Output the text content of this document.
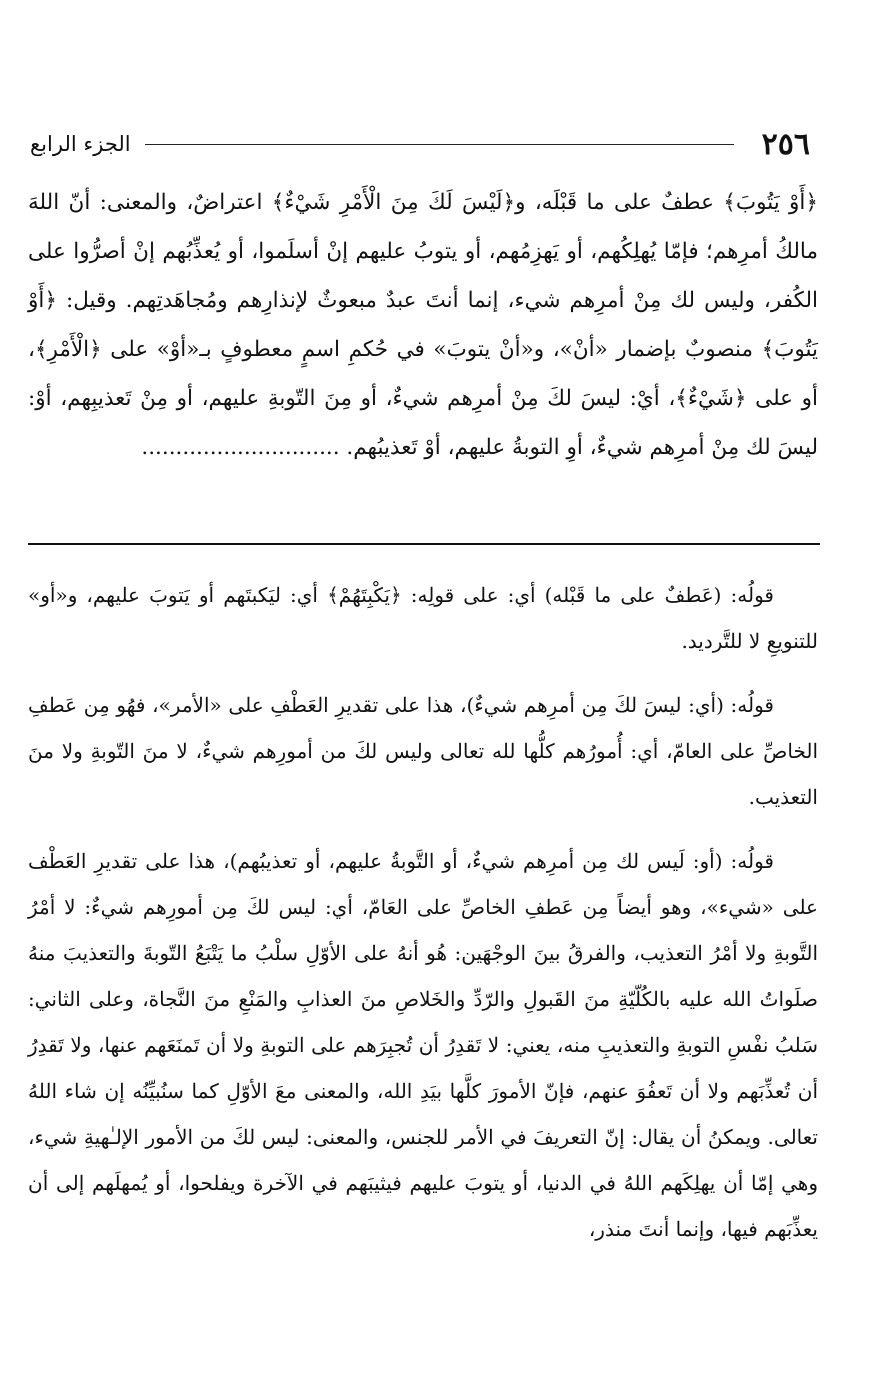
٢٥٦
الجزء الرابع

﴿أَوْ يَتُوبَ﴾ عطفٌ على ما قَبْلَه، و﴿لَيْسَ لَكَ مِنَ الْأَمْرِ شَيْءٌ﴾ اعتراضٌ، والمعنى: أنّ اللهَ مالكُ أمرِهم؛ فإمّا يُهلِكُهم، أو يَهزِمُهم، أو يتوبُ عليهم إنْ أسلَموا، أو يُعذِّبُهم إنْ أصرُّوا على الكُفر، وليس لك مِنْ أمرِهم شيء، إنما أنتَ عبدٌ مبعوثٌ لإنذارِهم ومُجاهَدتِهم. وقيل: ﴿أَوْ يَتُوبَ﴾ منصوبٌ بإضمار «أنْ»، و«أنْ يتوبَ» في حُكمِ اسمٍ معطوفٍ بـ«أوْ» على ﴿الْأَمْرِ﴾، أو على ﴿شَيْءٌ﴾، أيْ: ليسَ لكَ مِنْ أمرِهم شيءٌ، أو مِنَ التّوبةِ عليهم، أو مِنْ تَعذيبِهم، أوْ: ليسَ لك مِنْ أمرِهم شيءٌ، أوِ التوبةُ عليهم، أوْ تَعذيبُهم. .............................

قولُه: (عَطفٌ على ما قَبْله) أي: على قولِه: ﴿يَكْبِتَهُمْ﴾ أي: ليَكبتَهم أو يَتوبَ عليهم، و«أو» للتنويعِ لا للتَّرديد.

قولُه: (أي: ليسَ لكَ مِن أمرِهم شيءٌ)، هذا على تقديرِ العَطْفِ على «الأمر»، فهُو مِن عَطفِ الخاصِّ على العامّ، أي: أُمورُهم كلُّها لله تعالى وليس لكَ من أمورِهم شيءٌ، لا منَ التّوبةِ ولا منَ التعذيب.

قولُه: (أو: لَيس لك مِن أمرِهم شيءٌ، أو التَّوبةُ عليهم، أو تعذيبُهم)، هذا على تقديرِ العَطْف على «شيء»، وهو أيضاً مِن عَطفِ الخاصِّ على العَامّ، أي: ليس لكَ مِن أمورِهم شيءٌ: لا أمْرُ التَّوبةِ ولا أمْرُ التعذيب، والفرقُ بينَ الوجْهَين: هُو أنهُ على الأوّلِ سلْبُ ما يَتْبَعُ التّوبةَ والتعذيبَ منهُ صلَواتُ الله عليه بالكُلّيّةِ منَ القَبولِ والرّدِّ والخَلاصِ منَ العذابِ والمَنْعِ منَ النَّجاة، وعلى الثاني: سَلبُ نفْسِ التوبةِ والتعذيبِ منه، يعني: لا تَقدِرُ أن تُجبِرَهم على التوبةِ ولا أن تَمنَعَهم عنها، ولا تَقدِرُ أن تُعذِّبَهم ولا أن تَعفُوَ عنهم، فإنّ الأمورَ كلَّها بيَدِ الله، والمعنى معَ الأوّلِ كما سنُبيِّنُه إن شاء اللهُ تعالى. ويمكنُ أن يقال: إنّ التعريفَ في الأمر للجنس، والمعنى: ليس لكَ من الأمور الإلـٰهيةِ شيء، وهي إمّا أن يهلِكَهم اللهُ في الدنيا، أو يتوبَ عليهم فيثيبَهم في الآخرة ويفلحوا، أو يُمهلَهم إلى أن يعذِّبَهم فيها، وإنما أنتَ منذر،
